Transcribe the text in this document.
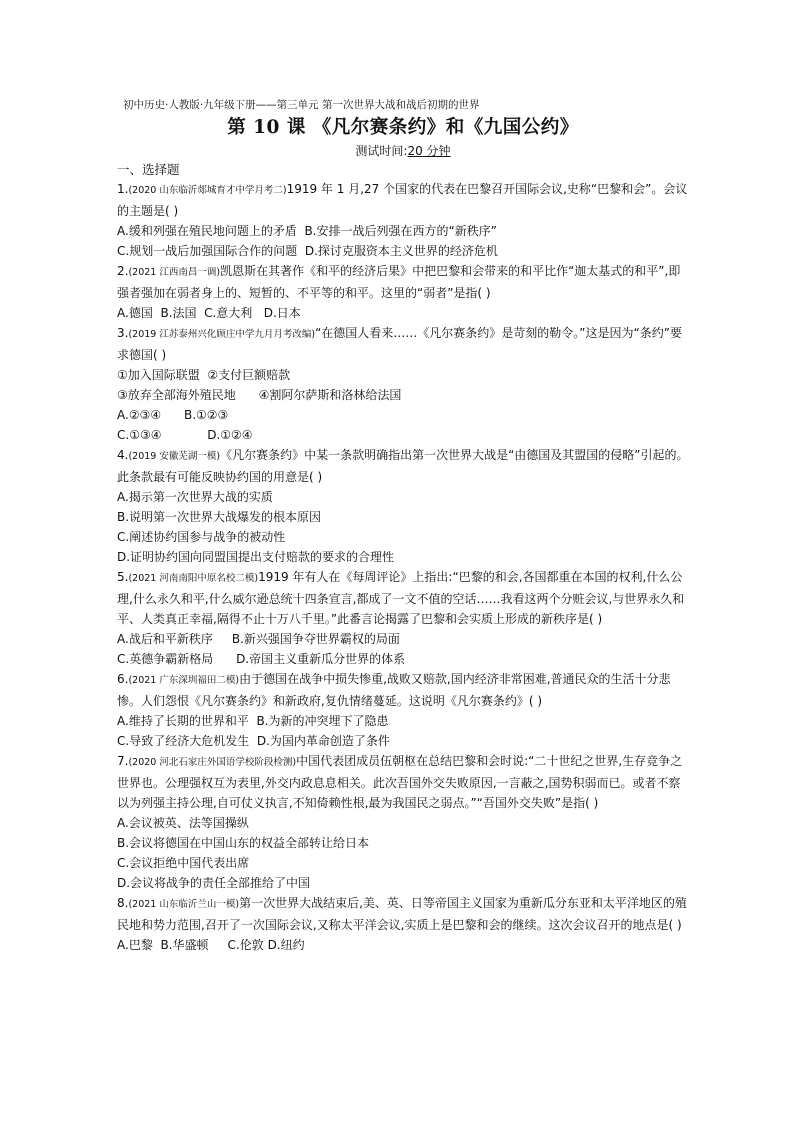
初中历史·人教版·九年级下册——第三单元 第一次世界大战和战后初期的世界

第 10 课 《凡尔赛条约》和《九国公约》

测试时间:20 分钟

一、选择题

1.(2020 山东临沂郯城育才中学月考二)1919 年 1 月,27 个国家的代表在巴黎召开国际会议,史称“巴黎和会”。会议的主题是( )

A.缓和列强在殖民地问题上的矛盾  B.安排一战后列强在西方的“新秩序”

C.规划一战后加强国际合作的问题  D.探讨克服资本主义世界的经济危机

2.(2021 江西南昌一调)凯恩斯在其著作《和平的经济后果》中把巴黎和会带来的和平比作“迦太基式的和平”,即强者强加在弱者身上的、短暂的、不平等的和平。这里的“弱者”是指( )

A.德国  B.法国  C.意大利   D.日本

3.(2019 江苏泰州兴化顾庄中学九月月考改编)“在德国人看来……《凡尔赛条约》是苛刻的勒令。”这是因为“条约”要求德国( )

①加入国际联盟  ②支付巨额赔款

③放弃全部海外殖民地      ④割阿尔萨斯和洛林给法国

A.②③④      B.①②③

C.①③④            D.①②④

4.(2019 安徽芜湖一模)《凡尔赛条约》中某一条款明确指出第一次世界大战是“由德国及其盟国的侵略”引起的。此条款最有可能反映协约国的用意是( )

A.揭示第一次世界大战的实质

B.说明第一次世界大战爆发的根本原因

C.阐述协约国参与战争的被动性

D.证明协约国向同盟国提出支付赔款的要求的合理性

5.(2021 河南南阳中原名校二模)1919 年有人在《每周评论》上指出:“巴黎的和会,各国都重在本国的权利,什么公理,什么永久和平,什么威尔逊总统十四条宣言,都成了一文不值的空话……我看这两个分赃会议,与世界永久和平、人类真正幸福,隔得不止十万八千里。”此番言论揭露了巴黎和会实质上形成的新秩序是( )

A.战后和平新秩序     B.新兴强国争夺世界霸权的局面

C.英德争霸新格局      D.帝国主义重新瓜分世界的体系

6.(2021 广东深圳福田二模)由于德国在战争中损失惨重,战败又赔款,国内经济非常困难,普通民众的生活十分悲惨。人们怨恨《凡尔赛条约》和新政府,复仇情绪蔓延。这说明《凡尔赛条约》( )

A.维持了长期的世界和平  B.为新的冲突埋下了隐患

C.导致了经济大危机发生  D.为国内革命创造了条件

7.(2020 河北石家庄外国语学校阶段检测)中国代表团成员伍朝枢在总结巴黎和会时说:“二十世纪之世界,生存竞争之世界也。公理强权互为表里,外交内政息息相关。此次吾国外交失败原因,一言蔽之,国势积弱而已。或者不察以为列强主持公理,自可仗义执言,不知倚赖性根,最为我国民之弱点。”“吾国外交失败”是指( )

A.会议被英、法等国操纵

B.会议将德国在中国山东的权益全部转让给日本

C.会议拒绝中国代表出席

D.会议将战争的责任全部推给了中国

8.(2021 山东临沂兰山一模)第一次世界大战结束后,美、英、日等帝国主义国家为重新瓜分东亚和太平洋地区的殖民地和势力范围,召开了一次国际会议,又称太平洋会议,实质上是巴黎和会的继续。这次会议召开的地点是( )

A.巴黎  B.华盛顿     C.伦敦 D.纽约
